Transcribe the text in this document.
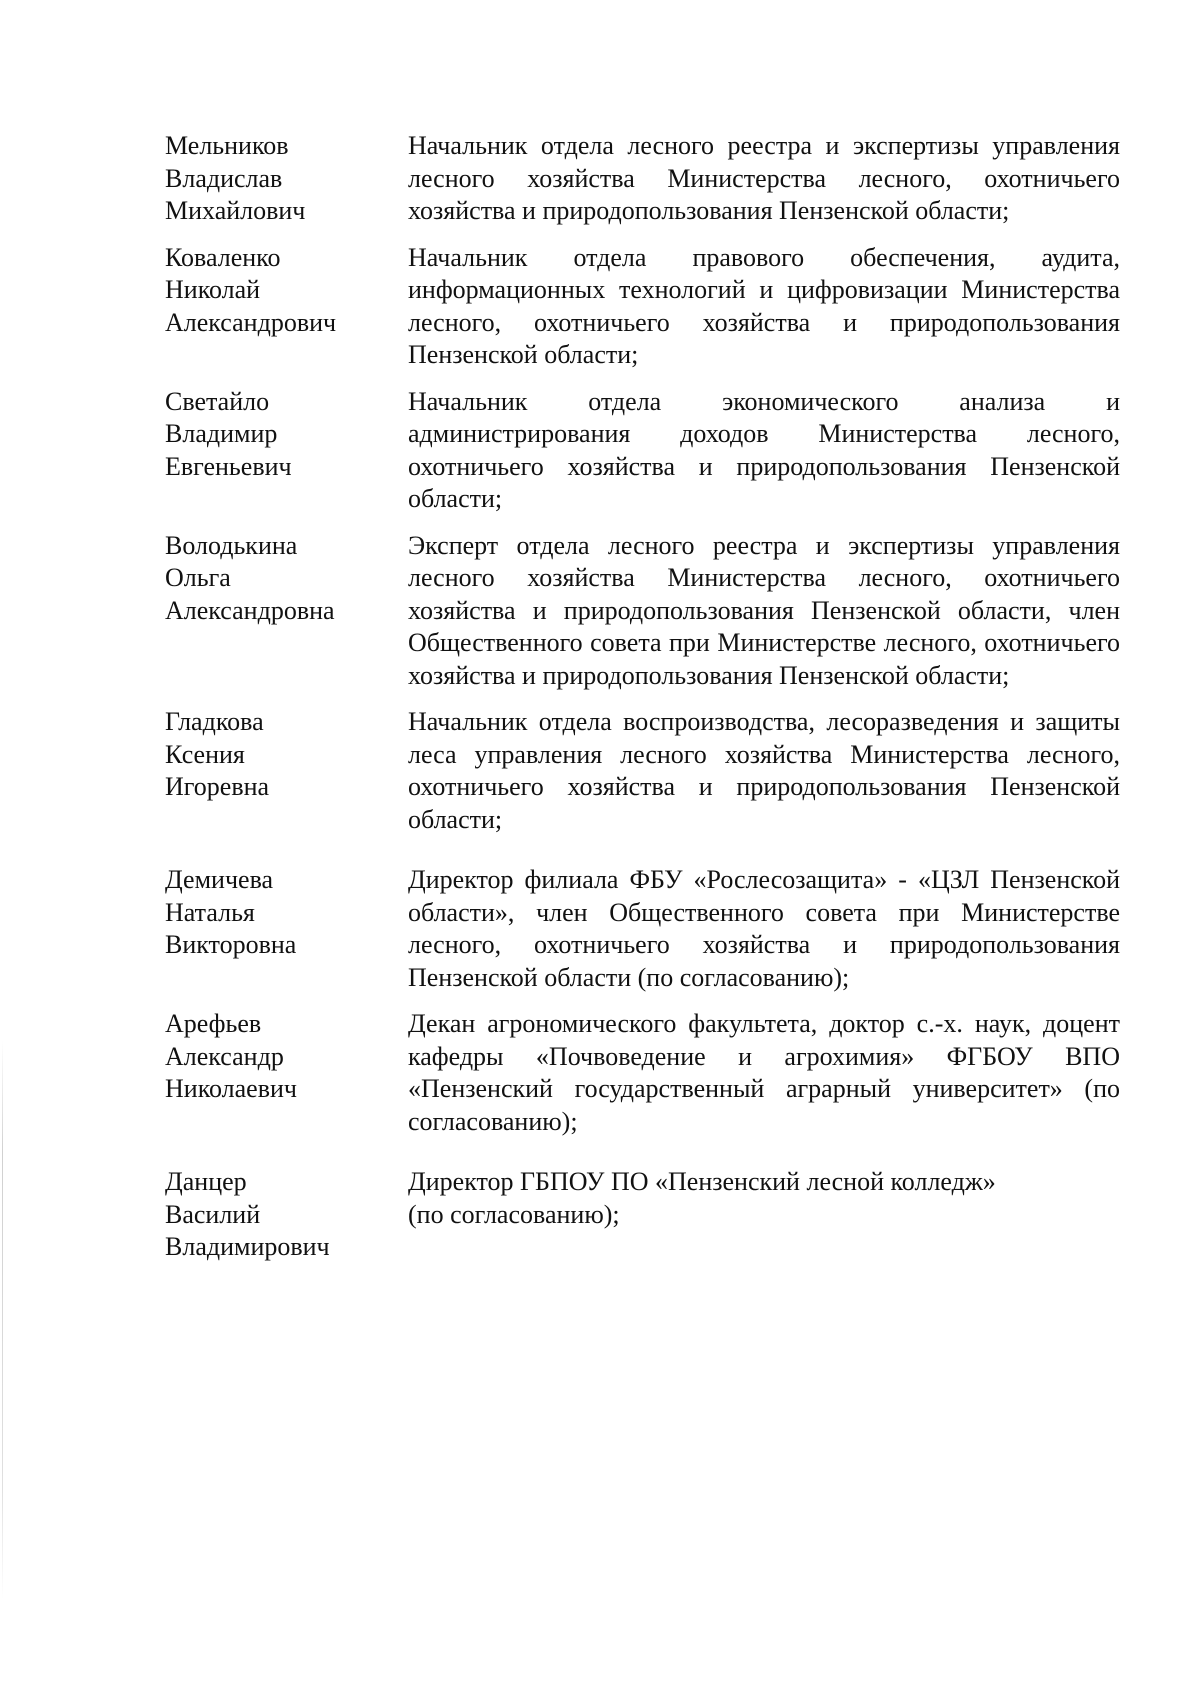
Мельников
Владислав
Михайлович
Начальник отдела лесного реестра и экспертизы управления лесного хозяйства Министерства лесного, охотничьего хозяйства и природопользования Пензенской области;
Коваленко
Николай
Александрович
Начальник отдела правового обеспечения, аудита, информационных технологий и цифровизации Министерства лесного, охотничьего хозяйства и природопользования Пензенской области;
Светайло
Владимир
Евгеньевич
Начальник отдела экономического анализа и администрирования доходов Министерства лесного, охотничьего хозяйства и природопользования Пензенской области;
Володькина
Ольга
Александровна
Эксперт отдела лесного реестра и экспертизы управления лесного хозяйства Министерства лесного, охотничьего хозяйства и природопользования Пензенской области, член Общественного совета при Министерстве лесного, охотничьего хозяйства и природопользования Пензенской области;
Гладкова
Ксения
Игоревна
Начальник отдела воспроизводства, лесоразведения и защиты леса управления лесного хозяйства Министерства лесного, охотничьего хозяйства и природопользования Пензенской области;
Демичева
Наталья
Викторовна
Директор филиала ФБУ «Рослесозащита» - «ЦЗЛ Пензенской области», член Общественного совета при Министерстве лесного, охотничьего хозяйства и природопользования Пензенской области (по согласованию);
Арефьев
Александр
Николаевич
Декан агрономического факультета, доктор с.-х. наук, доцент кафедры «Почвоведение и агрохимия» ФГБОУ ВПО «Пензенский государственный аграрный университет» (по согласованию);
Данцер
Василий
Владимирович
Директор ГБПОУ ПО «Пензенский лесной колледж»
(по согласованию);
